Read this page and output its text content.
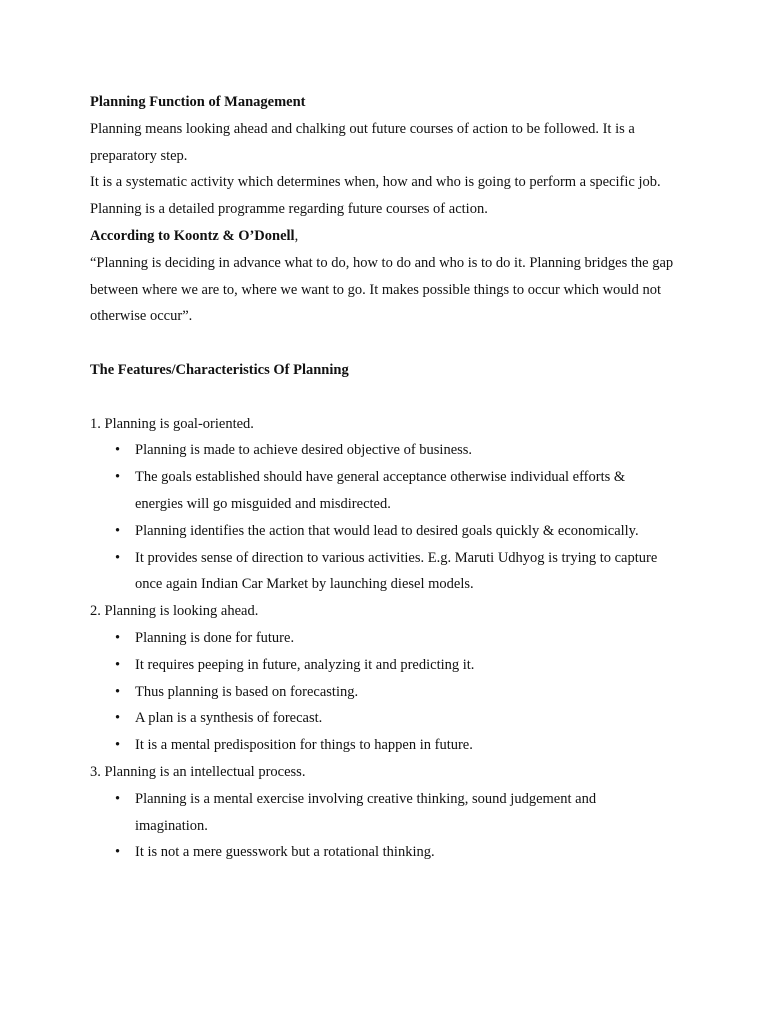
Planning Function of Management

Planning means looking ahead and chalking out future courses of action to be followed. It is a preparatory step.

It is a systematic activity which determines when, how and who is going to perform a specific job.

Planning is a detailed programme regarding future courses of action.

According to Koontz & O’Donell,

“Planning is deciding in advance what to do, how to do and who is to do it. Planning bridges the gap between where we are to, where we want to go. It makes possible things to occur which would not otherwise occur”.

The Features/Characteristics Of Planning

1. Planning is goal-oriented.

• Planning is made to achieve desired objective of business.
• The goals established should have general acceptance otherwise individual efforts & energies will go misguided and misdirected.
• Planning identifies the action that would lead to desired goals quickly & economically.
• It provides sense of direction to various activities. E.g. Maruti Udhyog is trying to capture once again Indian Car Market by launching diesel models.

2. Planning is looking ahead.

• Planning is done for future.
• It requires peeping in future, analyzing it and predicting it.
• Thus planning is based on forecasting.
• A plan is a synthesis of forecast.
• It is a mental predisposition for things to happen in future.

3. Planning is an intellectual process.

• Planning is a mental exercise involving creative thinking, sound judgement and imagination.
• It is not a mere guesswork but a rotational thinking.
